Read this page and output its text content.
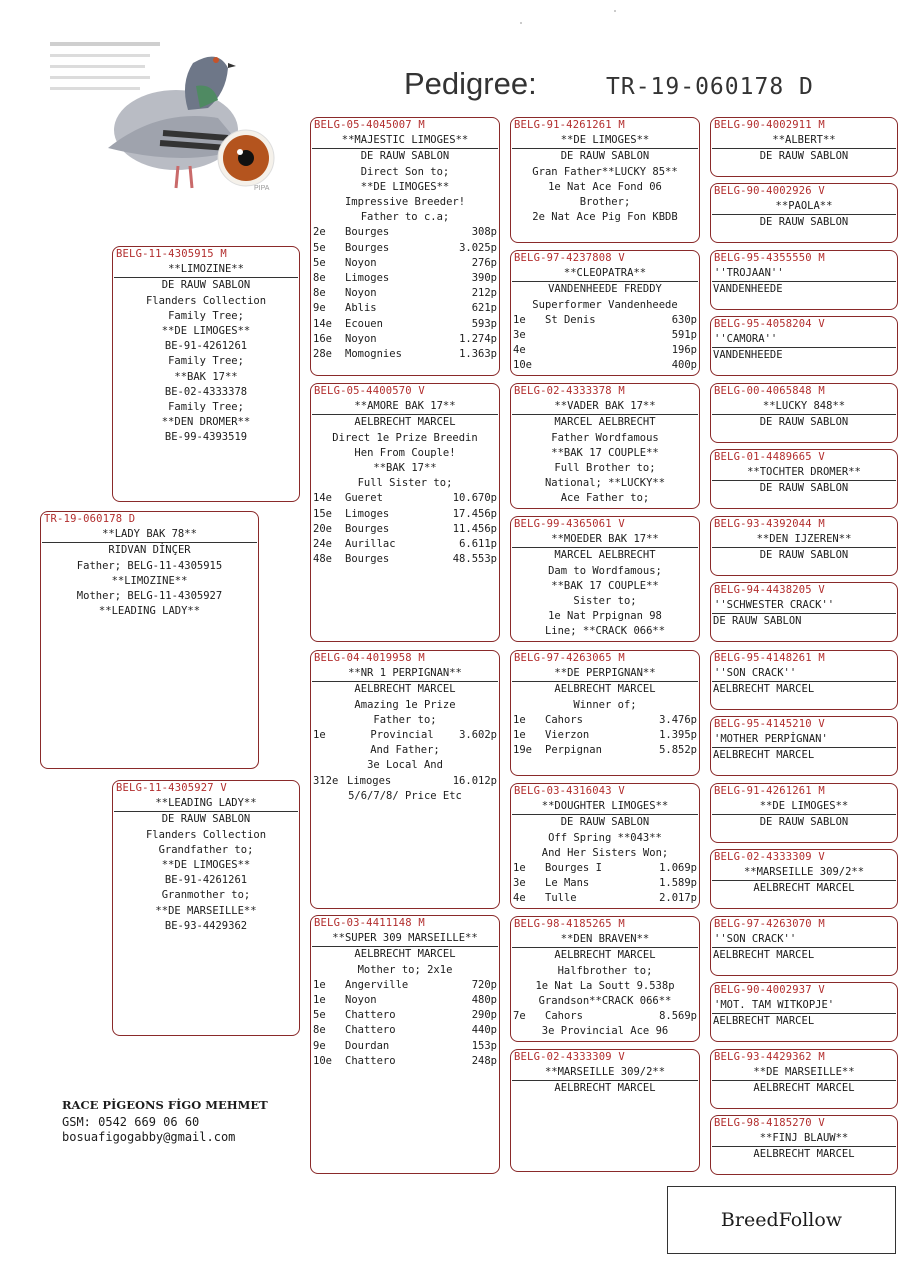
PIPA
Pedigree:	TR-19-060178 D
TR-19-060178 D
**LADY BAK 78**
RIDVAN DİNÇER
Father; BELG-11-4305915
**LIMOZINE**
Mother; BELG-11-4305927
**LEADING LADY**
BELG-11-4305915 M
**LIMOZINE**
DE RAUW SABLON
Flanders Collection
Family Tree;
**DE LIMOGES**
BE-91-4261261
Family Tree;
**BAK 17**
BE-02-4333378
Family Tree;
**DEN DROMER**
BE-99-4393519
BELG-11-4305927 V
**LEADING LADY**
DE RAUW SABLON
Flanders Collection
Grandfather to;
**DE LIMOGES**
BE-91-4261261
Granmother to;
**DE MARSEILLE**
BE-93-4429362
BELG-05-4045007 M
**MAJESTIC LIMOGES**
DE RAUW SABLON
Direct Son to;
**DE LIMOGES**
Impressive Breeder!
Father to c.a;
2e	Bourges	308p
5e	Bourges	3.025p
5e	Noyon	276p
8e	Limoges	390p
8e	Noyon	212p
9e	Ablis	621p
14e	Ecouen	593p
16e	Noyon	1.274p
28e	Momognies	1.363p
BELG-05-4400570 V
**AMORE BAK 17**
AELBRECHT MARCEL
Direct 1e Prize Breedin
Hen From Couple!
**BAK 17**
Full Sister to;
14e	Gueret	10.670p
15e	Limoges	17.456p
20e	Bourges	11.456p
24e	Aurillac	6.611p
48e	Bourges	48.553p
BELG-04-4019958 M
**NR 1 PERPIGNAN**
AELBRECHT MARCEL
Amazing 1e Prize
Father to;
1e	Provincial	3.602p
And Father;
3e Local And
312e Limoges	16.012p
5/6/7/8/ Price Etc
BELG-03-4411148 M
**SUPER 309 MARSEILLE**
AELBRECHT MARCEL
Mother to; 2x1e
1e	Angerville	720p
1e	Noyon	480p
5e	Chattero	290p
8e	Chattero	440p
9e	Dourdan	153p
10e	Chattero	248p
BELG-91-4261261 M
**DE LIMOGES**
DE RAUW SABLON
Gran Father**LUCKY 85**
1e Nat Ace Fond 06
Brother;
2e Nat Ace Pig Fon KBDB
BELG-97-4237808 V
**CLEOPATRA**
VANDENHEEDE FREDDY
Superformer Vandenheede
1e	St Denis	630p
3e	591p
4e	196p
10e	400p
BELG-02-4333378 M
**VADER BAK 17**
MARCEL AELBRECHT
Father Wordfamous
**BAK 17 COUPLE**
Full Brother to;
National; **LUCKY**
Ace Father to;
BELG-99-4365061 V
**MOEDER BAK 17**
MARCEL AELBRECHT
Dam to Wordfamous;
**BAK 17 COUPLE**
Sister to;
1e Nat Prpignan 98
Line; **CRACK 066**
BELG-97-4263065 M
**DE PERPIGNAN**
AELBRECHT MARCEL
Winner of;
1e	Cahors	3.476p
1e	Vierzon	1.395p
19e	Perpignan	5.852p
BELG-03-4316043 V
**DOUGHTER LIMOGES**
DE RAUW SABLON
Off Spring **043**
And Her Sisters Won;
1e	Bourges I	1.069p
3e	Le Mans	1.589p
4e	Tulle	2.017p
BELG-98-4185265 M
**DEN BRAVEN**
AELBRECHT MARCEL
Halfbrother to;
1e Nat La Soutt 9.538p
Grandson**CRACK 066**
7e	Cahors	8.569p
3e Provincial Ace 96
BELG-02-4333309 V
**MARSEILLE 309/2**
AELBRECHT MARCEL
BELG-90-4002911 M
**ALBERT**
DE RAUW SABLON
BELG-90-4002926 V
**PAOLA**
DE RAUW SABLON
BELG-95-4355550 M
''TROJAAN''
VANDENHEEDE
BELG-95-4058204 V
''CAMORA''
VANDENHEEDE
BELG-00-4065848 M
**LUCKY 848**
DE RAUW SABLON
BELG-01-4489665 V
**TOCHTER DROMER**
DE RAUW SABLON
BELG-93-4392044 M
**DEN IJZEREN**
DE RAUW SABLON
BELG-94-4438205 V
''SCHWESTER CRACK''
DE RAUW SABLON
BELG-95-4148261 M
''SON CRACK''
AELBRECHT MARCEL
BELG-95-4145210 V
'MOTHER PERPİGNAN'
AELBRECHT MARCEL
BELG-91-4261261 M
**DE LIMOGES**
DE RAUW SABLON
BELG-02-4333309 V
**MARSEILLE 309/2**
AELBRECHT MARCEL
BELG-97-4263070 M
''SON CRACK''
AELBRECHT MARCEL
BELG-90-4002937 V
'MOT. TAM WITKOPJE'
AELBRECHT MARCEL
BELG-93-4429362 M
**DE MARSEILLE**
AELBRECHT MARCEL
BELG-98-4185270 V
**FINJ BLAUW**
AELBRECHT MARCEL
RACE PİGEONS FİGO MEHMET
GSM: 0542 669 06 60
bosuafigogabby@gmail.com
BreedFollow
